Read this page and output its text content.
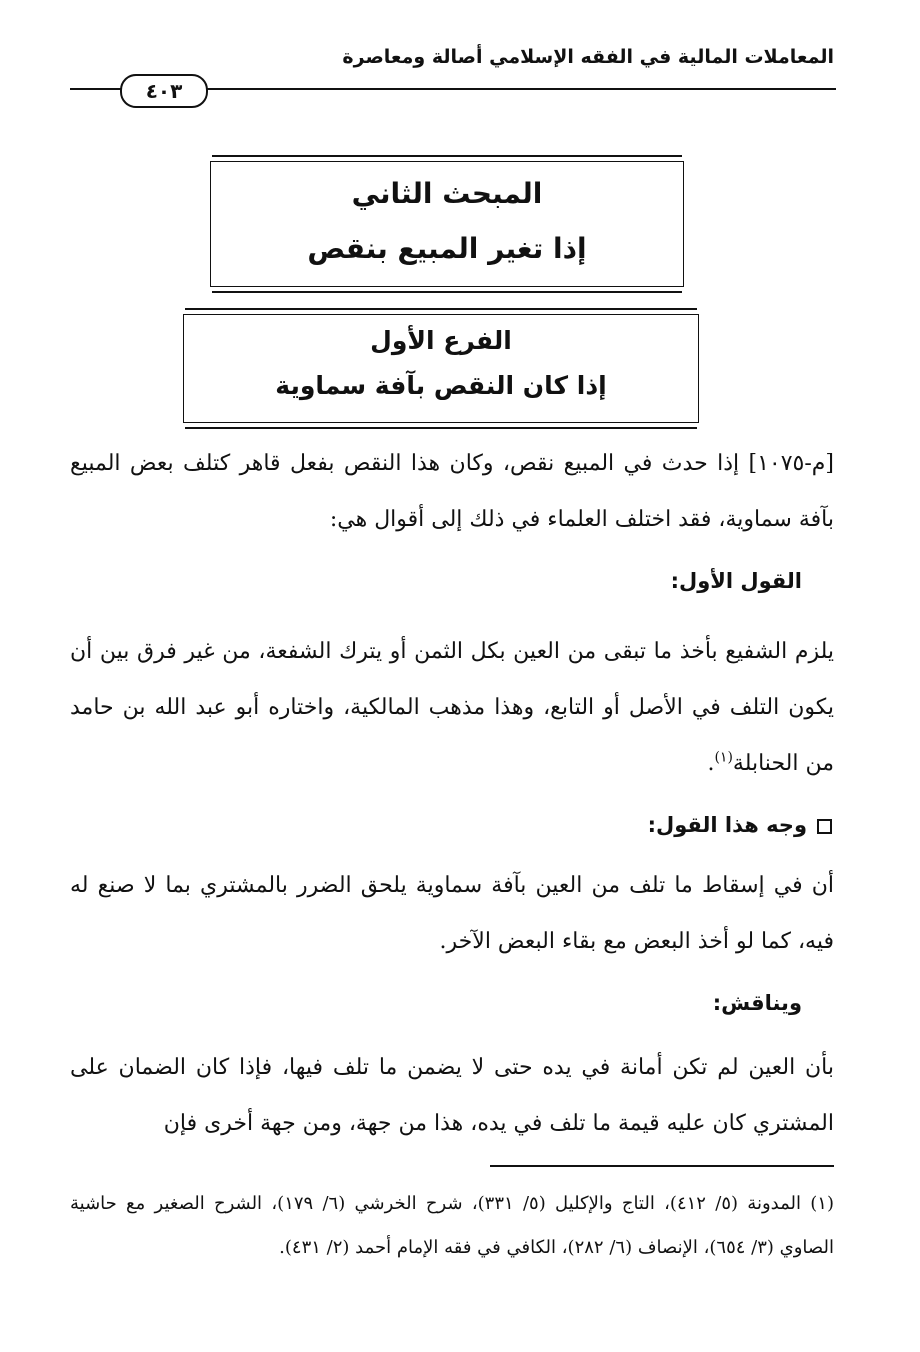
المعاملات المالية في الفقه الإسلامي أصالة ومعاصرة
٤٠٣
المبحث الثاني
إذا تغير المبيع بنقص
الفرع الأول
إذا كان النقص بآفة سماوية

[م-١٠٧٥] إذا حدث في المبيع نقص، وكان هذا النقص بفعل قاهر كتلف بعض المبيع بآفة سماوية، فقد اختلف العلماء في ذلك إلى أقوال هي:

القول الأول:

يلزم الشفيع بأخذ ما تبقى من العين بكل الثمن أو يترك الشفعة، من غير فرق بين أن يكون التلف في الأصل أو التابع، وهذا مذهب المالكية، واختاره أبو عبد الله بن حامد من الحنابلة$^{(١)}$.

وجه هذا القول:

أن في إسقاط ما تلف من العين بآفة سماوية يلحق الضرر بالمشتري بما لا صنع له فيه، كما لو أخذ البعض مع بقاء البعض الآخر.

ويناقش:

بأن العين لم تكن أمانة في يده حتى لا يضمن ما تلف فيها، فإذا كان الضمان على المشتري كان عليه قيمة ما تلف في يده، هذا من جهة، ومن جهة أخرى فإن

(١) المدونة (٥/ ٤١٢)، التاج والإكليل (٥/ ٣٣١)، شرح الخرشي (٦/ ١٧٩)، الشرح الصغير مع حاشية الصاوي (٣/ ٦٥٤)، الإنصاف (٦/ ٢٨٢)، الكافي في فقه الإمام أحمد (٢/ ٤٣١).
